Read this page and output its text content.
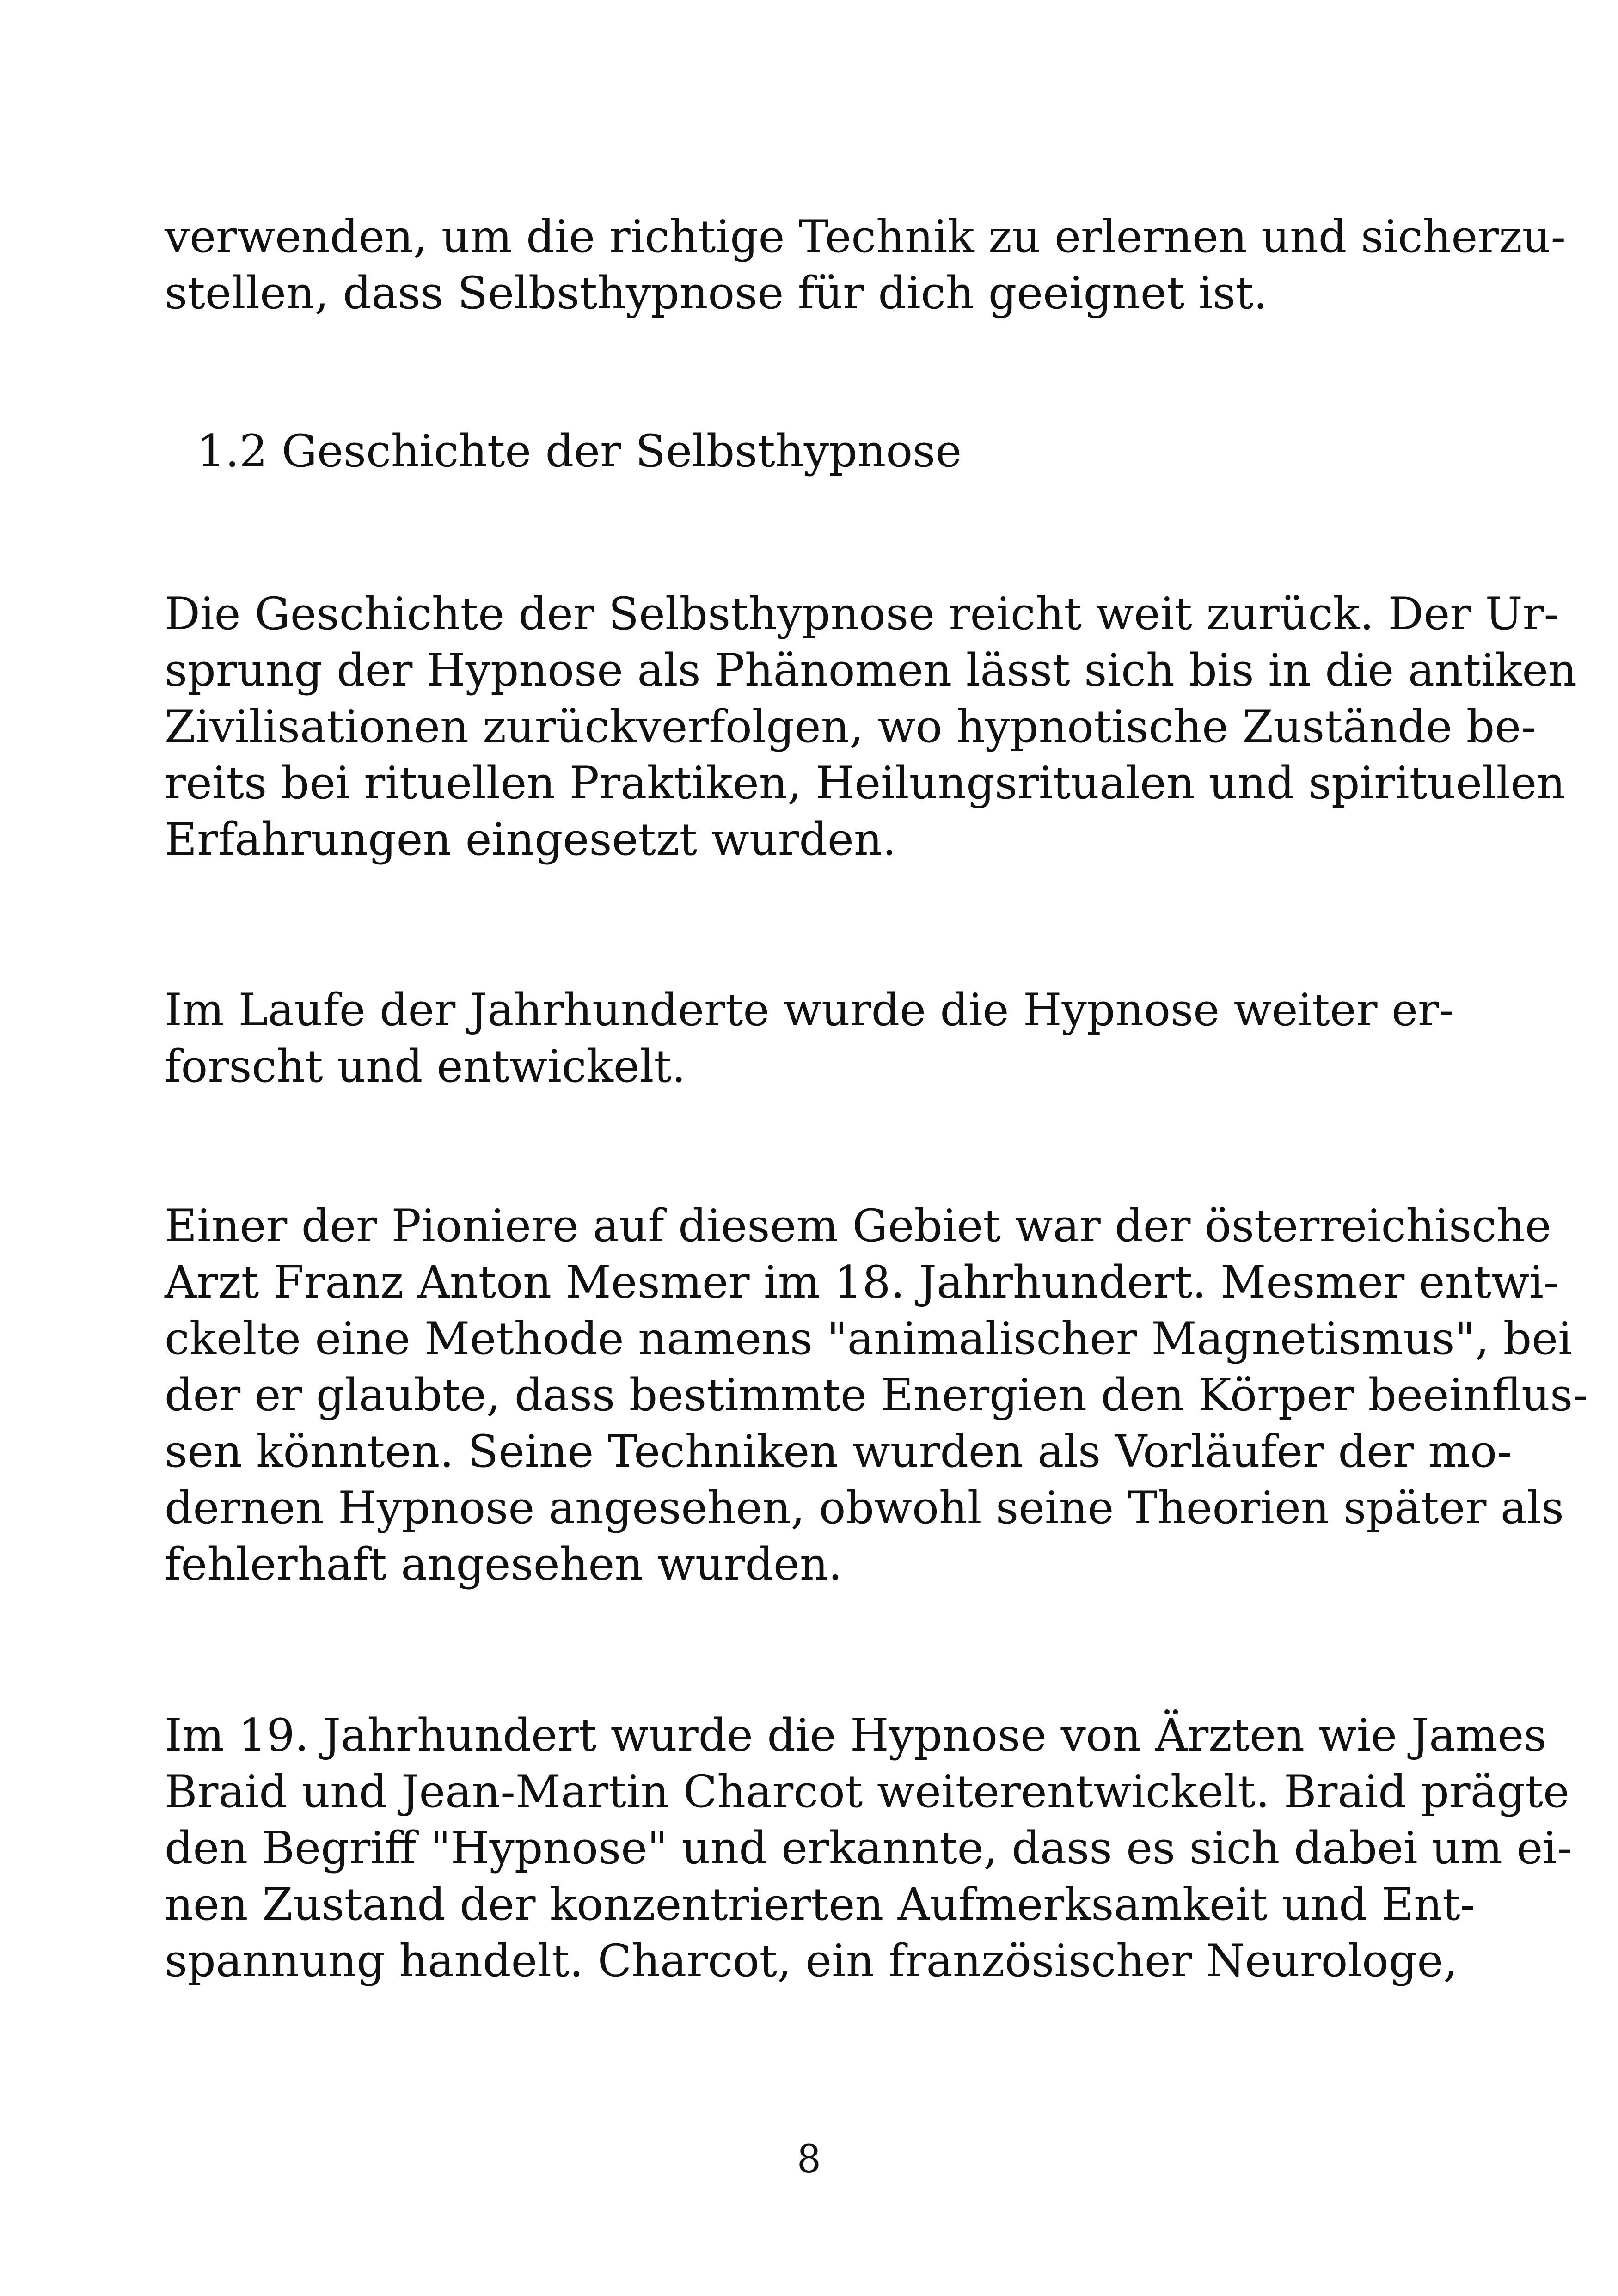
verwenden, um die richtige Technik zu erlernen und sicherzu-
stellen, dass Selbsthypnose für dich geeignet ist.

1.2 Geschichte der Selbsthypnose

Die Geschichte der Selbsthypnose reicht weit zurück. Der Ur-
sprung der Hypnose als Phänomen lässt sich bis in die antiken
Zivilisationen zurückverfolgen, wo hypnotische Zustände be-
reits bei rituellen Praktiken, Heilungsritualen und spirituellen
Erfahrungen eingesetzt wurden.

Im Laufe der Jahrhunderte wurde die Hypnose weiter er-
forscht und entwickelt.

Einer der Pioniere auf diesem Gebiet war der österreichische
Arzt Franz Anton Mesmer im 18. Jahrhundert. Mesmer entwi-
ckelte eine Methode namens "animalischer Magnetismus", bei
der er glaubte, dass bestimmte Energien den Körper beeinflus-
sen könnten. Seine Techniken wurden als Vorläufer der mo-
dernen Hypnose angesehen, obwohl seine Theorien später als
fehlerhaft angesehen wurden.

Im 19. Jahrhundert wurde die Hypnose von Ärzten wie James
Braid und Jean-Martin Charcot weiterentwickelt. Braid prägte
den Begriff "Hypnose" und erkannte, dass es sich dabei um ei-
nen Zustand der konzentrierten Aufmerksamkeit und Ent-
spannung handelt. Charcot, ein französischer Neurologe,

8
